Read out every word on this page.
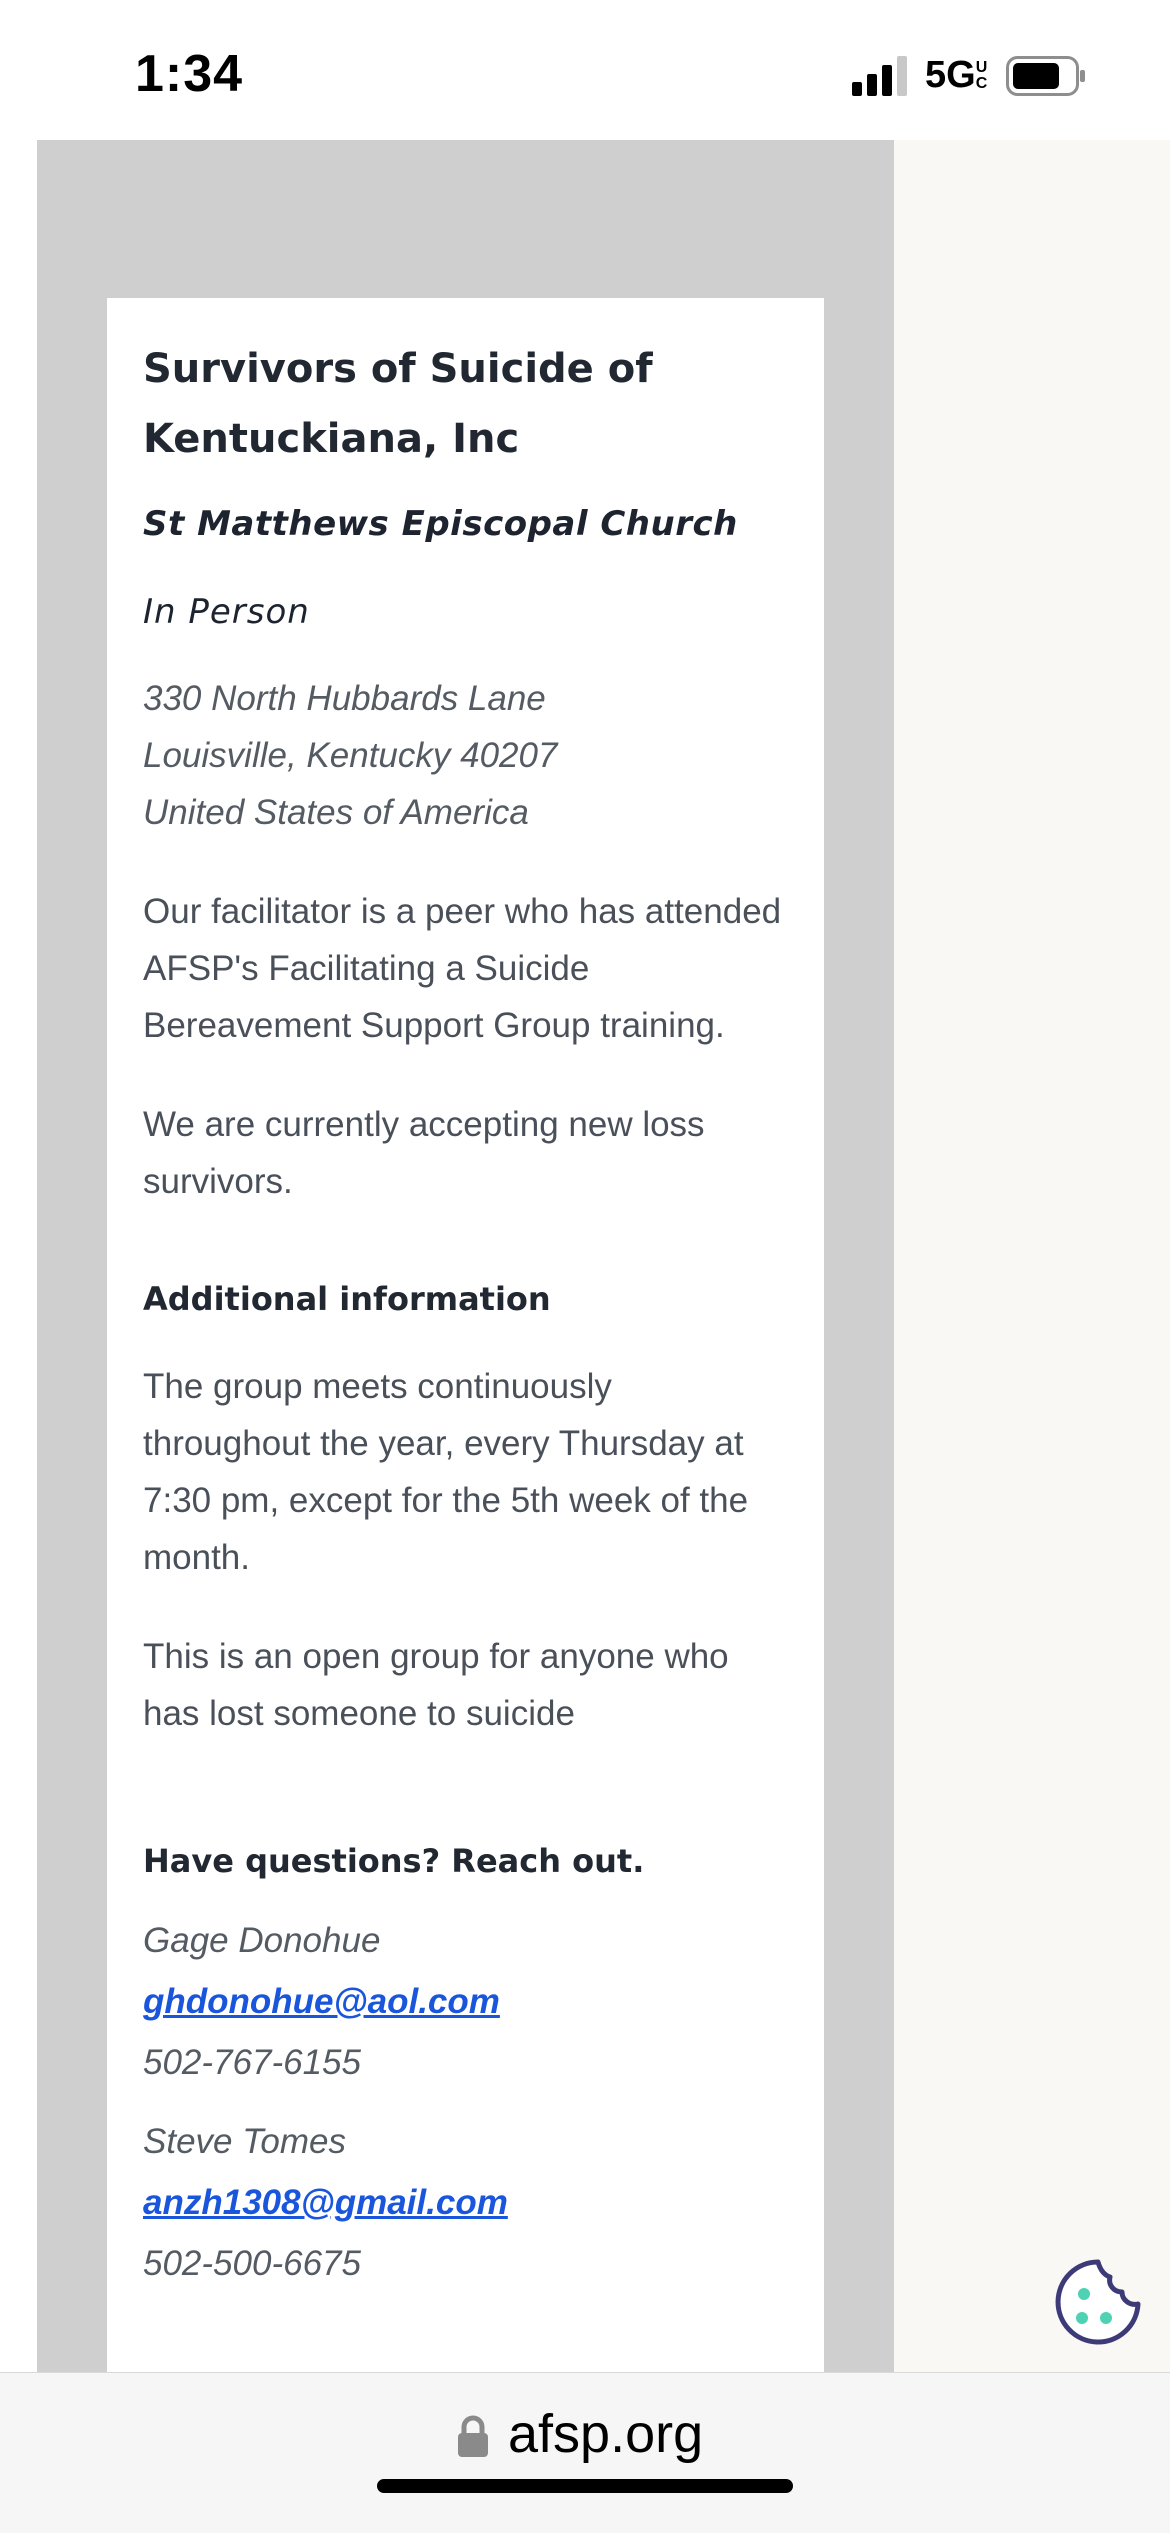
1:34	5GUC
Survivors of Suicide of Kentuckiana, Inc
St Matthews Episcopal Church
In Person
330 North Hubbards Lane
Louisville, Kentucky 40207
United States of America
Our facilitator is a peer who has attended AFSP's Facilitating a Suicide Bereavement Support Group training.
We are currently accepting new loss survivors.
Additional information
The group meets continuously throughout the year, every Thursday at 7:30 pm, except for the 5th week of the month.
This is an open group for anyone who has lost someone to suicide
Have questions? Reach out.
Gage Donohue
ghdonohue@aol.com
502-767-6155
Steve Tomes
anzh1308@gmail.com
502-500-6675
afsp.org
